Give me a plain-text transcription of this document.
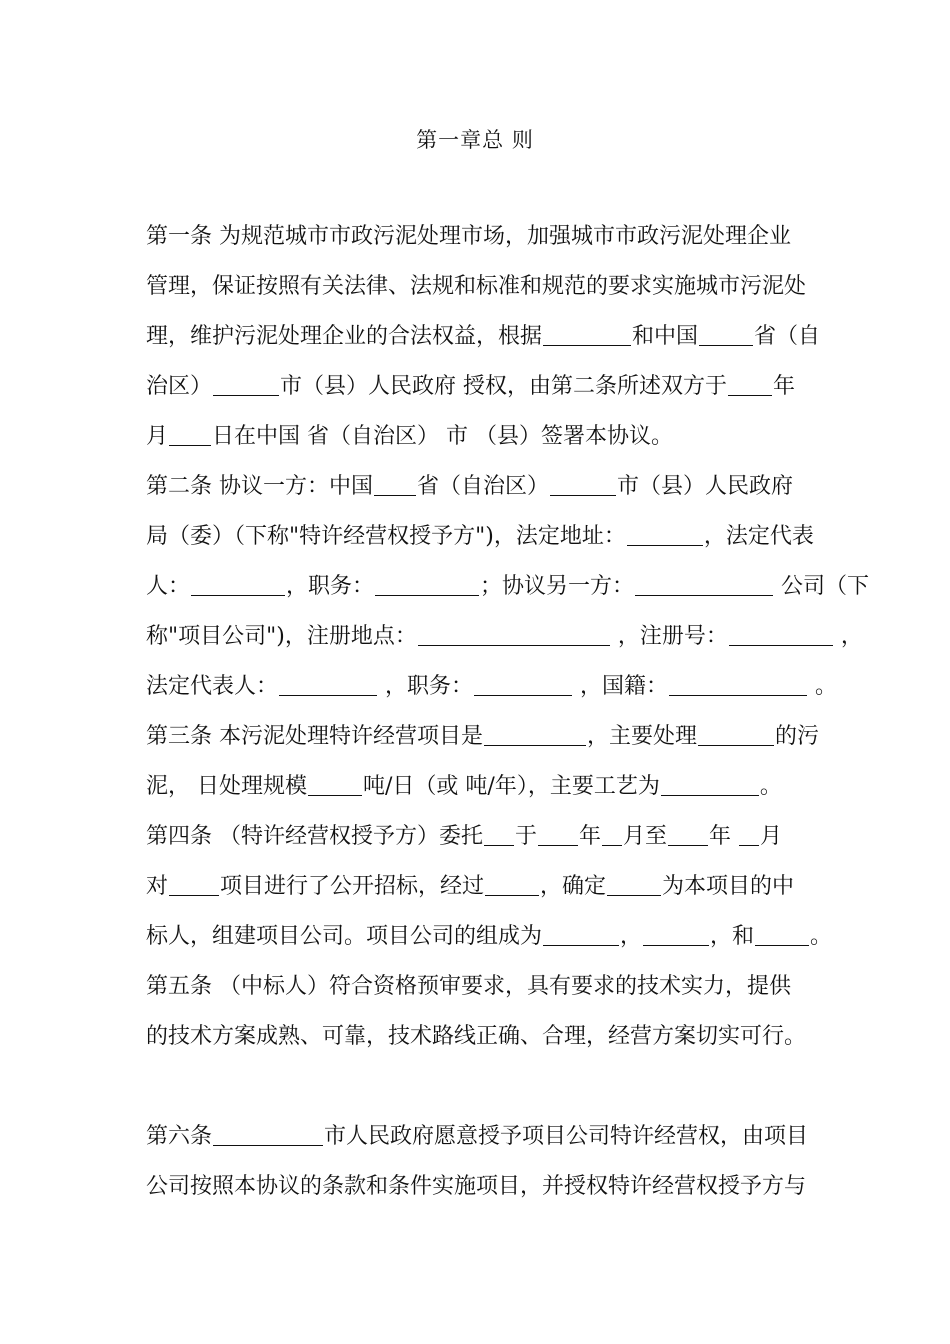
第一章总 则
第一条 为规范城市市政污泥处理市场，加强城市市政污泥处理企业
管理，保证按照有关法律、法规和标准和规范的要求实施城市污泥处
理，维护污泥处理企业的合法权益，根据	和中国	省（自
治区）	市（县）人民政府 授权，由第二条所述双方于 年
月 日在中国 省（自治区） 市 （县）签署本协议。
第二条 协议一方：中国 省（自治区）	市（县）人民政府
局（委）（下称"特许经营权授予方")，法定地址：	，法定代表
人：	，职务：	；协议另一方：	公司（下
称"项目公司")，注册地点：	，注册号：	，
法定代表人：	，职务：	，国籍：	。
第三条 本污泥处理特许经营项目是	，主要处理	的污
泥， 日处理规模	吨/日（或 吨/年），主要工艺为	。
第四条 （特许经营权授予方）委托 于 年 月至 年 月
对 项目进行了公开招标，经过	，确定	为本项目的中
标人，组建项目公司。项目公司的组成为	，	，和	。
第五条 （中标人）符合资格预审要求，具有要求的技术实力，提供
的技术方案成熟、可靠，技术路线正确、合理，经营方案切实可行。
第六条	市人民政府愿意授予项目公司特许经营权，由项目
公司按照本协议的条款和条件实施项目，并授权特许经营权授予方与
